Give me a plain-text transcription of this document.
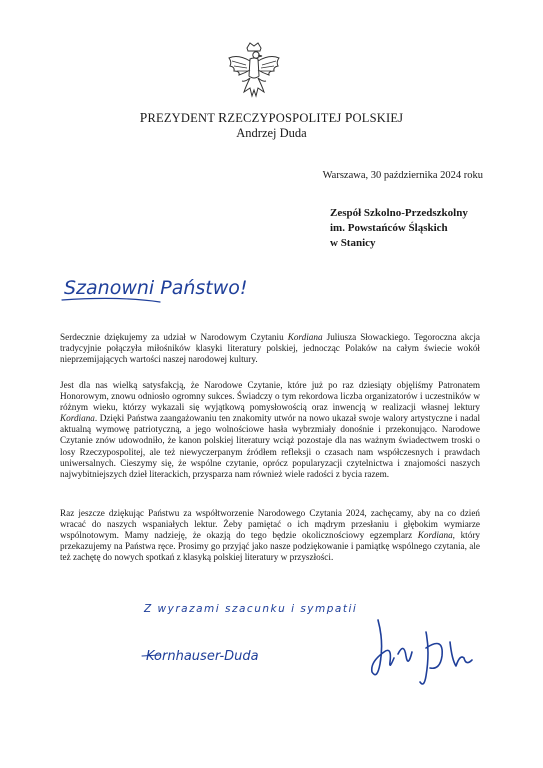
PREZYDENT RZECZYPOSPOLITEJ POLSKIEJ
Andrzej Duda
Warszawa, 30 października 2024 roku
Zespół Szkolno-Przedszkolny
im. Powstańców Śląskich
w Stanicy
Szanowni Państwo!

Serdecznie dziękujemy za udział w Narodowym Czytaniu Kordiana Juliusza Słowackiego. Tegoroczna akcja tradycyjnie połączyła miłośników klasyki literatury polskiej, jednocząc Polaków na całym świecie wokół nieprzemijających wartości naszej narodowej kultury.

Jest dla nas wielką satysfakcją, że Narodowe Czytanie, które już po raz dziesiąty objęliśmy Patronatem Honorowym, znowu odniosło ogromny sukces. Świadczy o tym rekordowa liczba organizatorów i uczestników w różnym wieku, którzy wykazali się wyjątkową pomysłowością oraz inwencją w realizacji własnej lektury Kordiana. Dzięki Państwa zaangażowaniu ten znakomity utwór na nowo ukazał swoje walory artystyczne i nadal aktualną wymowę patriotyczną, a jego wolnościowe hasła wybrzmiały donośnie i przekonująco. Narodowe Czytanie znów udowodniło, że kanon polskiej literatury wciąż pozostaje dla nas ważnym świadectwem troski o losy Rzeczypospolitej, ale też niewyczerpanym źródłem refleksji o czasach nam współczesnych i prawdach uniwersalnych. Cieszymy się, że wspólne czytanie, oprócz popularyzacji czytelnictwa i znajomości naszych najwybitniejszych dzieł literackich, przysparza nam również wiele radości z bycia razem.

Raz jeszcze dziękując Państwu za współtworzenie Narodowego Czytania 2024, zachęcamy, aby na co dzień wracać do naszych wspaniałych lektur. Żeby pamiętać o ich mądrym przesłaniu i głębokim wymiarze wspólnotowym. Mamy nadzieję, że okazją do tego będzie okolicznościowy egzemplarz Kordiana, który przekazujemy na Państwa ręce. Prosimy go przyjąć jako nasze podziękowanie i pamiątkę wspólnego czytania, ale też zachętę do nowych spotkań z klasyką polskiej literatury w przyszłości.

Z wyrazami szacunku i sympatii
Kornhauser-Duda
